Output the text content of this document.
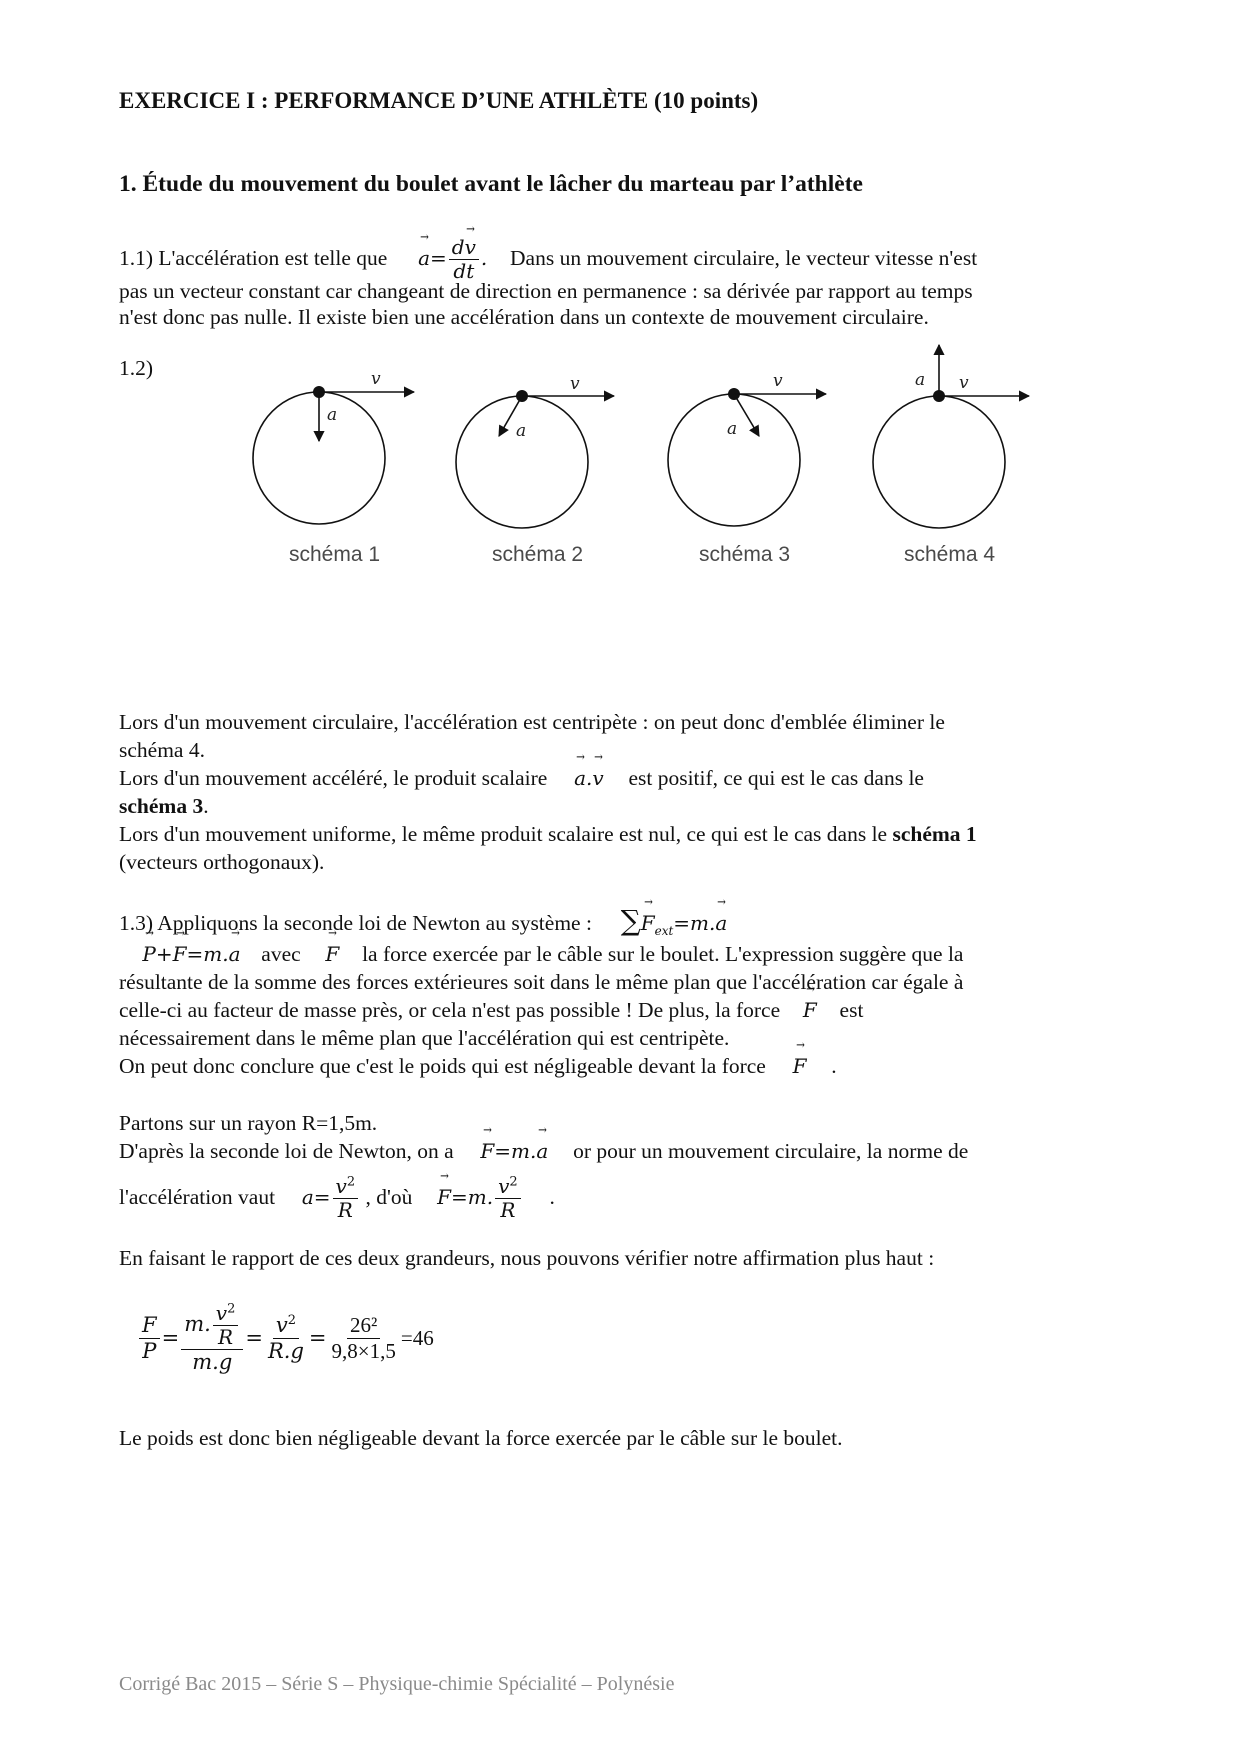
EXERCICE I : PERFORMANCE D’UNE ATHLÈTE (10 points)
1. Étude du mouvement du boulet avant le lâcher du marteau par l’athlète
1.1) L'accélération est telle que → $a= \frac{d\to v}{dt}$ . Dans un mouvement circulaire, le vecteur vitesse n'est
pas un vecteur constant car changeant de direction en permanence : sa dérivée par rapport au temps
n'est donc pas nulle. Il existe bien une accélération dans un contexte de mouvement circulaire.
1.2)	v
a
schéma 1
v
a
schéma 2
v
a
schéma 3
v
a
schéma 4
Lors d'un mouvement circulaire, l'accélération est centripète : on peut donc d'emblée éliminer le
schéma 4.
Lors d'un mouvement accéléré, le produit scalaire → a.→ v est positif, ce qui est le cas dans le
schéma 3.
Lors d'un mouvement uniforme, le même produit scalaire est nul, ce qui est le cas dans le schéma 1
(vecteurs orthogonaux).
1.3) Appliquons la seconde loi de Newton au système : ∑→ $F_{ext}=m.\to a$
→ P+→ F=m.→ a avec → F la force exercée par le câble sur le boulet. L'expression suggère que la
résultante de la somme des forces extérieures soit dans le même plan que l'accélération car égale à
celle-ci au facteur de masse près, or cela n'est pas possible ! De plus, la force → F est
nécessairement dans le même plan que l'accélération qui est centripète.
On peut donc conclure que c'est le poids qui est négligeable devant la force → F .
Partons sur un rayon R=1,5m.
D'après la seconde loi de Newton, on a → F=m.→ a or pour un mouvement circulaire, la norme de
l'accélération vaut $a= \frac{v^2}{R}$ , d'où → F=m. $\frac{v^2}{R}$ .
En faisant le rapport de ces deux grandeurs, nous pouvons vérifier notre affirmation plus haut :
$\frac{F}{P} = \frac{m. \frac{v^2}{R}}{m.g} = \frac{v^2}{R.g} = \frac{\text{26²}}{9,8\times 1,5} =46$
Le poids est donc bien négligeable devant la force exercée par le câble sur le boulet.
Corrigé Bac 2015 – Série S – Physique-chimie Spécialité – Polynésie
